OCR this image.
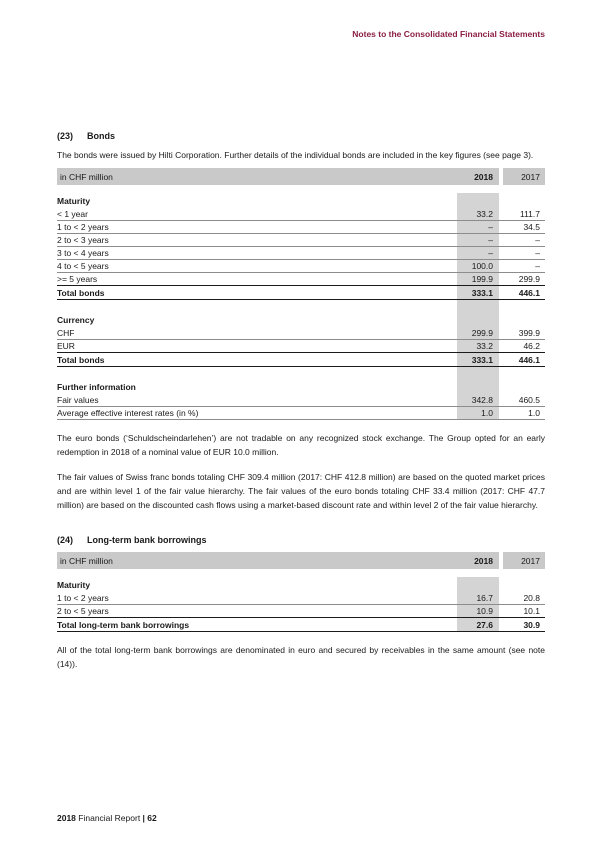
Notes to the Consolidated Financial Statements
(23)	Bonds
The bonds were issued by Hilti Corporation. Further details of the individual bonds are included in the key figures (see page 3).
in CHF million	2018	2017
Maturity
< 1 year	33.2	111.7
1 to < 2 years	–	34.5
2 to < 3 years	–	–
3 to < 4 years	–	–
4 to < 5 years	100.0	–
>= 5 years	199.9	299.9
Total bonds	333.1	446.1
Currency
CHF	299.9	399.9
EUR	33.2	46.2
Total bonds	333.1	446.1
Further information
Fair values	342.8	460.5
Average effective interest rates (in %)	1.0	1.0
The euro bonds (‘Schuldscheindarlehen’) are not tradable on any recognized stock exchange. The Group opted for an early redemption in 2018 of a nominal value of EUR 10.0 million.
The fair values of Swiss franc bonds totaling CHF 309.4 million (2017: CHF 412.8 million) are based on the quoted market prices and are within level 1 of the fair value hierarchy. The fair values of the euro bonds totaling CHF 33.4 million (2017: CHF 47.7 million) are based on the discounted cash flows using a market-based discount rate and within level 2 of the fair value hierarchy.
(24)	Long-term bank borrowings
in CHF million	2018	2017
Maturity
1 to < 2 years	16.7	20.8
2 to < 5 years	10.9	10.1
Total long-term bank borrowings	27.6	30.9
All of the total long-term bank borrowings are denominated in euro and secured by receivables in the same amount (see note (14)).
2018 Financial Report | 62
